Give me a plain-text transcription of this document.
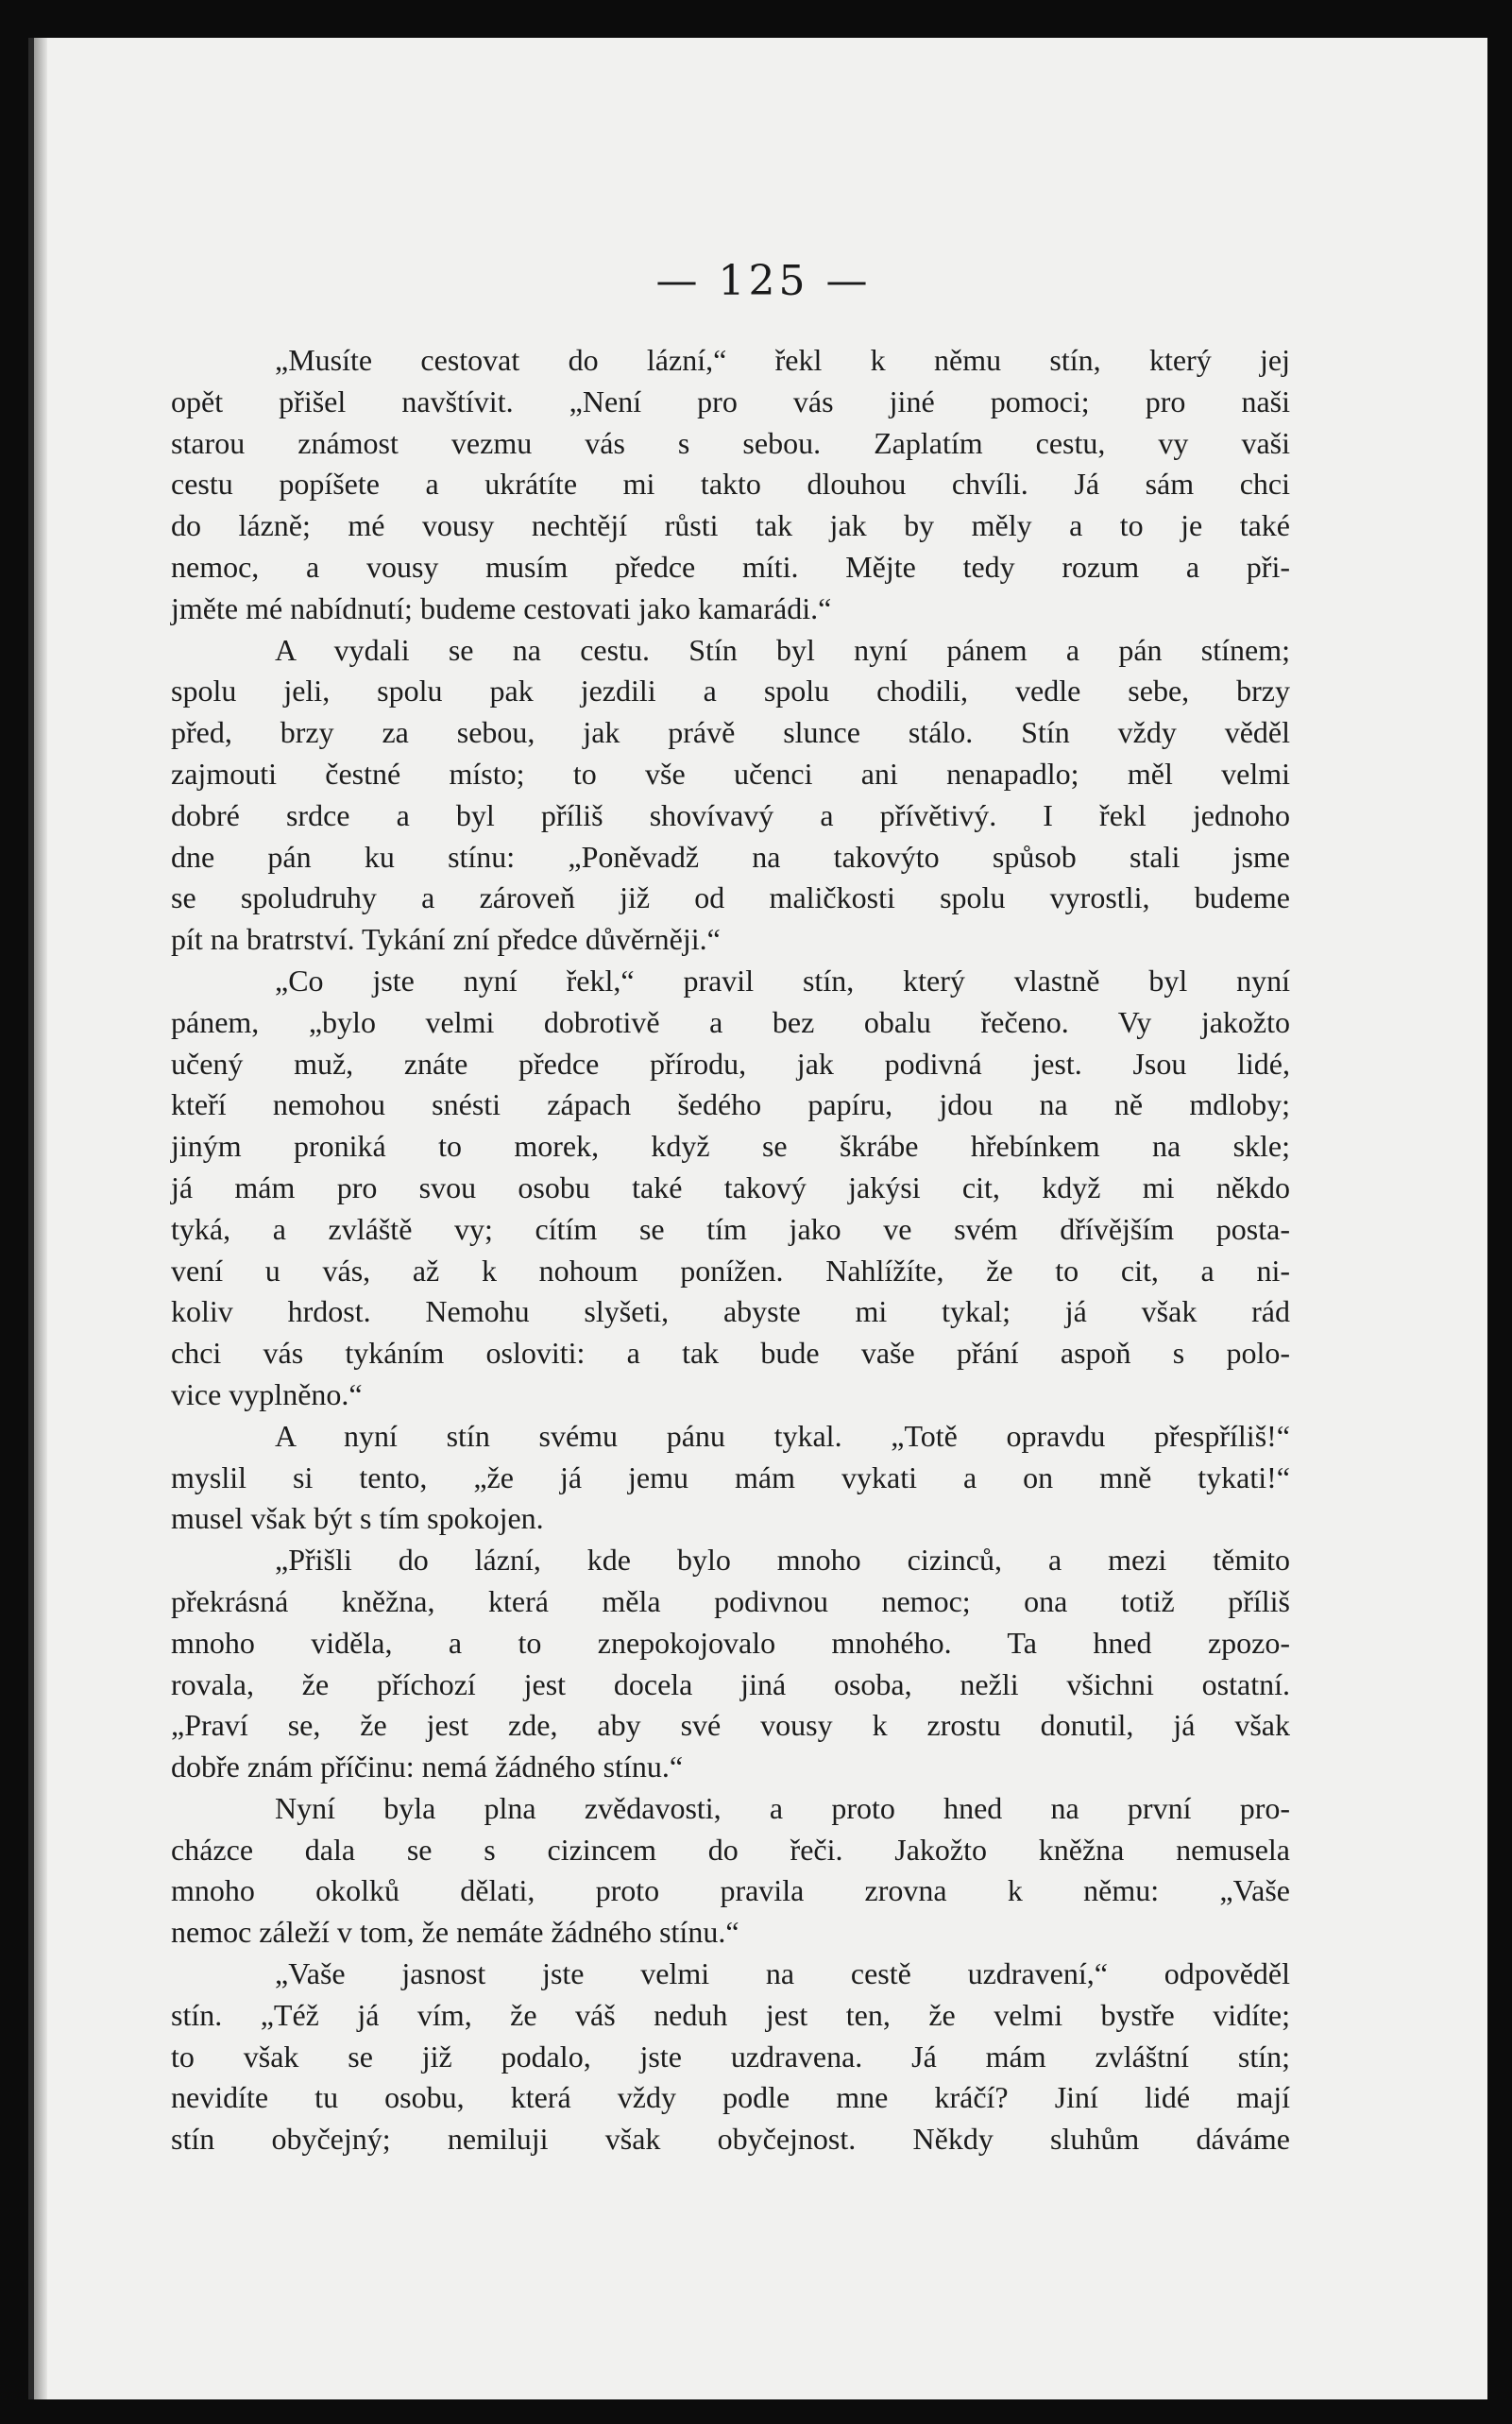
— 125 —
„Musíte cestovat do lázní,“ řekl k němu stín, který jej
opět přišel navštívit. „Není pro vás jiné pomoci; pro naši
starou známost vezmu vás s sebou. Zaplatím cestu, vy vaši
cestu popíšete a ukrátíte mi takto dlouhou chvíli. Já sám chci
do lázně; mé vousy nechtějí růsti tak jak by měly a to je také
nemoc, a vousy musím předce míti. Mějte tedy rozum a při-
jměte mé nabídnutí; budeme cestovati jako kamarádi.“
A vydali se na cestu. Stín byl nyní pánem a pán stínem;
spolu jeli, spolu pak jezdili a spolu chodili, vedle sebe, brzy
před, brzy za sebou, jak právě slunce stálo. Stín vždy věděl
zajmouti čestné místo; to vše učenci ani nenapadlo; měl velmi
dobré srdce a byl příliš shovívavý a přívětivý. I řekl jednoho
dne pán ku stínu: „Poněvadž na takovýto spůsob stali jsme
se spoludruhy a zároveň již od maličkosti spolu vyrostli, budeme
pít na bratrství. Tykání zní předce důvěrněji.“
„Co jste nyní řekl,“ pravil stín, který vlastně byl nyní
pánem, „bylo velmi dobrotivě a bez obalu řečeno. Vy jakožto
učený muž, znáte předce přírodu, jak podivná jest. Jsou lidé,
kteří nemohou snésti zápach šedého papíru, jdou na ně mdloby;
jiným proniká to morek, když se škrábe hřebínkem na skle;
já mám pro svou osobu také takový jakýsi cit, když mi někdo
tyká, a zvláště vy; cítím se tím jako ve svém dřívějším posta-
vení u vás, až k nohoum ponížen. Nahlížíte, že to cit, a ni-
koliv hrdost. Nemohu slyšeti, abyste mi tykal; já však rád
chci vás tykáním osloviti: a tak bude vaše přání aspoň s polo-
vice vyplněno.“
A nyní stín svému pánu tykal. „Totě opravdu přespříliš!“
myslil si tento, „že já jemu mám vykati a on mně tykati!“
musel však být s tím spokojen.
„Přišli do lázní, kde bylo mnoho cizinců, a mezi těmito
překrásná kněžna, která měla podivnou nemoc; ona totiž příliš
mnoho viděla, a to znepokojovalo mnohého. Ta hned zpozo-
rovala, že příchozí jest docela jiná osoba, nežli všichni ostatní.
„Praví se, že jest zde, aby své vousy k zrostu donutil, já však
dobře znám příčinu: nemá žádného stínu.“
Nyní byla plna zvědavosti, a proto hned na první pro-
cházce dala se s cizincem do řeči. Jakožto kněžna nemusela
mnoho okolků dělati, proto pravila zrovna k němu: „Vaše
nemoc záleží v tom, že nemáte žádného stínu.“
„Vaše jasnost jste velmi na cestě uzdravení,“ odpověděl
stín. „Též já vím, že váš neduh jest ten, že velmi bystře vidíte;
to však se již podalo, jste uzdravena. Já mám zvláštní stín;
nevidíte tu osobu, která vždy podle mne kráčí? Jiní lidé mají
stín obyčejný; nemiluji však obyčejnost. Někdy sluhům dáváme
